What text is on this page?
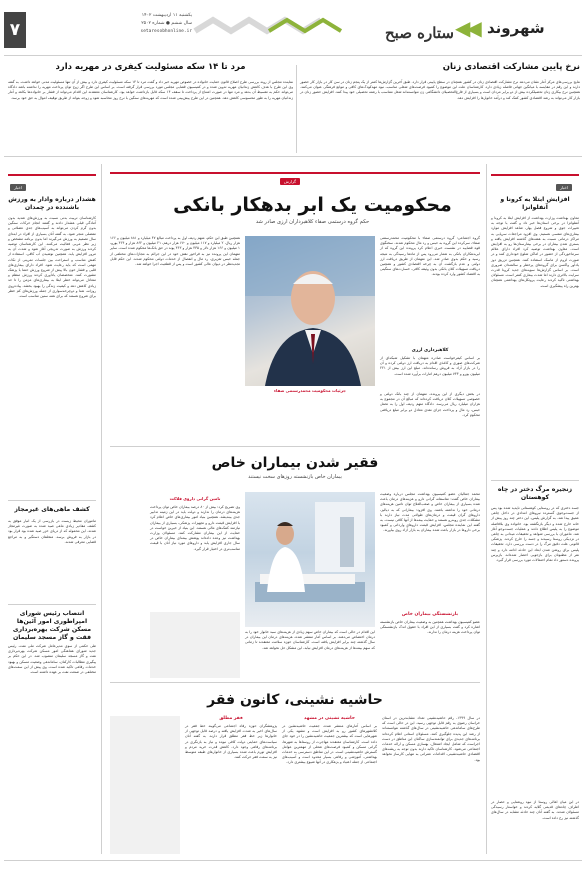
۷
یکشنبه ۱۱ اردیبهشت ۱۴۰۲
سال ششم ● شماره ۲۵۰۲
setaresobhonline.ir	ستاره صبح ◀◀ شهروند
نرخ پایین مشارکت اقتصادی زنان
نتایج بررسی‌های مرکز آمار نشان می‌دهد نرخ مشارکت اقتصادی زنان در کشور همچنان در سطح پایینی قرار دارد. طبق آخرین گزارش‌ها کمتر از یک پنجم زنان در سن کار در بازار کار حضور دارند و این رقم در مقایسه با میانگین جهانی فاصله زیادی دارد. کارشناسان علت این موضوع را کمبود فرصت‌های شغلی مناسب، نبود مهدکودک‌های کافی و موانع فرهنگی عنوان می‌کنند. همچنین نرخ بیکاری زنان تحصیلکرده بیش از دو برابر مردان است و بسیاری از فارغ‌التحصیلان دانشگاهی زن نتوانسته‌اند شغل متناسب با رشته تحصیلی خود پیدا کنند. افزایش حضور زنان در بازار کار می‌تواند به رشد اقتصادی کشور کمک کند و درآمد خانوارها را افزایش دهد.
مرد تا ۱۴ سکه مسئولیت کیفری در مهریه دارد
نماینده مجلس از روند بررسی طرح اصلاح قانون حمایت خانواده در خصوص مهریه خبر داد و گفت مرد تا ۱۴ سکه مسئولیت کیفری دارد و بیش از آن تنها مسئولیت مدنی خواهد داشت. به گفته وی این طرح با هدف کاهش زندانیان مهریه تدوین شده و در کمیسیون قضایی مجلس مورد بررسی قرار گرفته است. بر اساس این طرح اگر زوج توان پرداخت مهریه را نداشته باشد دادگاه می‌تواند حکم به تقسیط آن بدهد و مرد تنها در صورت امتناع از پرداخت تا سقف ۱۴ سکه قابل بازداشت خواهد بود. کارشناسان معتقدند این اقدام می‌تواند از فشار بر خانواده‌ها بکاهد و آمار زندانیان مهریه را به طور محسوسی کاهش دهد. همچنین در این طرح پیش‌بینی شده است که مهریه‌های سنگین با نرخ روز محاسبه شود و زوجه بتواند از طریق توقیف اموال به حق خود برسد.
اخبار
افزایش ابتلا به کرونا و آنفلوانزا
معاون بهداشت وزارت بهداشت از افزایش ابتلا به کرونا و آنفلوانزا در برخی استان‌ها خبر داد و گفت با توجه به تغییرات جوی و شروع فصل بهار، شاهد افزایش موارد بیماری‌های تنفسی هستیم. وی افزود مراجعات سرپایی به مراکز درمانی نسبت به هفته‌های گذشته افزایش یافته و بستری شدن بیماران در برخی بیمارستان‌ها رو به افزایش است. معاون بهداشت توصیه کرد افراد دارای علائم سرماخوردگی از حضور در اماکن شلوغ خودداری کنند و در صورت لزوم از ماسک استفاده کنند. همچنین تزریق دوز یادآور واکسن برای گروه‌های پرخطر و سالمندان ضروری است. بر اساس گزارش‌ها سویه‌های جدید کرونا قدرت سرایت بالاتری دارند اما شدت بیماری کمتر است. مسئولان بهداشتی تاکید کردند رعایت پروتکل‌های بهداشتی همچنان بهترین راه پیشگیری است.
زنجیره مرگ دختر در چاه کوهستان
جسد دختری که در روستایی کوهستانی ناپدید شده بود پس از جست‌وجوی گسترده نیروهای امدادی در داخل چاهی عمیق پیدا شد. به گزارش پلیس، این دختر چند روز پیش از خانه خارج شده و دیگر بازنگشته بود. خانواده وی بلافاصله موضوع را به پلیس اطلاع دادند و عملیات جست‌وجو آغاز شد. ماموران با بررسی شواهد و تحقیقات میدانی به چاهی در نزدیکی روستا رسیدند و جسد را خارج کردند. پزشکی قانونی علت دقیق مرگ را در دست بررسی دارد. تحقیقات پلیس برای روشن شدن ابعاد این حادثه ادامه دارد و چند نفر از مظنونان برای بازجویی احضار شده‌اند. بازپرس پرونده دستور داد تمام احتمالات مورد بررسی قرار گیرد.
در این میان اهالی روستا از نبود روشنایی و حصار در اطراف چاه‌های قدیمی گلایه کردند و خواستار رسیدگی مسئولان شدند. به گفته آنان چند حادثه مشابه در سال‌های گذشته نیز رخ داده است.
اخبار
هشدار درباره وادار به ورزش باشندده در چمدان
کارشناسان تربیت بدنی نسبت به ورزش‌های شدید بدون آمادگی قبلی هشدار دادند و گفتند انجام حرکات سنگین بدون گرم کردن می‌تواند به آسیب‌های جدی عضلانی و مفصلی منجر شود. به گفته آنان بسیاری از افراد در ابتدای سال تصمیم به ورزش می‌گیرند اما بدون برنامه مشخص و زیر نظر مربی فعالیت می‌کنند. این کارشناسان توصیه کردند ورزش به صورت تدریجی آغاز شود و شدت آن به مرور افزایش یابد. همچنین نوشیدن آب کافی، استفاده از کفش مناسب و استراحت بین جلسات تمرینی از نکات مهمی است که باید رعایت شود. افراد دارای بیماری‌های قلبی و فشار خون بالا پیش از شروع ورزش حتما با پزشک مشورت کنند. متخصصان یادآوری کردند ورزش منظم و متعادل می‌تواند خطر ابتلا به بیماری‌های مزمن را تا حد زیادی کاهش دهد و کیفیت زندگی را بهبود بخشد. پیاده‌روی روزانه، شنا و دوچرخه‌سواری از جمله ورزش‌های کم خطر برای شروع هستند که برای همه سنین مناسب است.
کشف ماهی‌های غیرمجاز
ماموران محیط زیست در بازرسی از یک انبار موفق به کشف مقادیر زیادی ماهی صید شده به صورت غیرمجاز شدند. این محموله که از دریای خزر صید شده بود قرار بود در بازار به فروش برسد. متخلفان دستگیر و به مراجع قضایی معرفی شدند.
انتصاب رئیس شورای امپراطوری امور آئین‌ها مسکن شرکت بهره‌برداری فقت و گاز مسجد سلیمان
طی حکمی از سوی مدیرعامل شرکت ملی نفت، رئیس جدید شورای هماهنگی امور مسکن شرکت بهره‌برداری نفت و گاز مسجد سلیمان منصوب شد. در این حکم بر پیگیری مطالبات کارکنان، ساماندهی وضعیت مسکن و بهبود خدمات رفاهی تاکید شده است. وی پیش از این سمت‌های مختلفی در صنعت نفت بر عهده داشته است.
گزارش
محکومیت یک ابر بدهکار بانکی
حکم گروه درستمی صفاء کلاهبرداران ارزی صادر شد
گروه اجتماعی: گروه درستمی صفاء با محکومیت محمدرستمی صفاء، سرکرده این گروه به حبس و رد مال محکوم شدند. سخنگوی قوه قضاییه در نشست خبری اعلام کرد پرونده این گروه که از ابربدهکاران بانکی به شمار می‌رود پس از ماه‌ها رسیدگی به نتیجه رسید و حکم بدوی صادر شد. این متهمان از طریق دریافت ارز دولتی و عدم بازگشت آن به چرخه اقتصادی کشور و همچنین دریافت تسهیلات کلان بانکی بدون وثیقه کافی، خسارت‌های سنگینی به اقتصاد کشور وارد کرده بودند.
کلاهبرداری ارزی
بر اساس کیفرخواست صادره متهمان با تشکیل شبکه‌ای از شرکت‌های صوری و کاغذی اقدام به دریافت ارز دولتی کرده و آن را در بازار آزاد به فروش رسانده‌اند. مبلغ این ارز بیش از ۲۲۱ میلیون یورو و ۷۴۳ میلیون درهم امارات برآورد شده است.
جزئیات محکومیت محمدرستمی صفاء
در بخش دیگری از این پرونده، متهمان از چند بانک دولتی و خصوصی تسهیلات کلان دریافت کرده‌اند که مبالغ آن در مجموع به هزاران میلیارد ریال می‌رسد. دادگاه متهم ردیف اول را به تحمل حبس، رد مال و پرداخت جزای نقدی معادل دو برابر مبلغ دریافتی محکوم کرد.
همچنین طبق این حکم، متهم ردیف اول به پرداخت مبالغ ۴۷ میلیارد و ۸۸۱ میلیون و ۱۶۶ هزار ریال، ۲ میلیارد و ۱۱۷ میلیون و ۶۷۰ هزار درهم، ۲۱ میلیون و ۸۶۲ هزار و ۳۶۴ یورو، ۱ میلیون و ۱۶۶ هزار دلار و ۴۳۵ هزار و ۳۶۳ پوند در حق بانک‌ها محکوم شده است. سایر متهمان این پرونده نیز به فراخور نقش خود در این جرائم به مجازات‌های مختلفی از جمله حبس تعزیری، رد مال و انفصال از خدمات دولتی محکوم شدند. این حکم قابل تجدیدنظر در دیوان عالی کشور است و پس از قطعیت اجرا خواهد شد.
فقیر شدن بیماران خاص
بیماران خاص بازنشسته روزهای سخت نیستند
محمد جمالیان عضو کمیسیون بهداشت مجلس درباره وضعیت بیماران خاص گفت: متاسفانه گرانی دارو و هزینه‌های درمان باعث شده بسیاری از بیماران خاص و صعب‌العلاج توان تامین هزینه‌های درمانی خود را نداشته باشند. وی افزود: بیمارانی که به دیالیز، داروهای گران قیمت و درمان‌های طولانی مدت نیاز دارند با مشکلات جدی روبه‌رو هستند و حمایت بیمه‌ها از آنها کافی نیست. به گفته این نماینده مجلس، افزایش قیمت داروهای وارداتی و کمبود برخی داروها در بازار باعث شده بیماران به بازار آزاد روی بیاورند.
بازنشستگی بیماران خاص
عضو کمیسیون بهداشت همچنین به وضعیت بیماران خاص بازنشسته اشاره کرد و گفت بسیاری از این افراد با حقوق اندک بازنشستگی توان پرداخت هزینه درمان را ندارند.
تامین گرانی داروی فلاکت
وی تصریح کرد: بیش از ۸۰ درصد بیماران خاص توان پرداخت هزینه‌های درمان را ندارند و دولت باید در این زمینه تدابیر جدی بیندیشد. همچنین بنیاد امور بیماری‌های خاص اعلام کرد با افزایش قیمت دارو و تجهیزات پزشکی، بسیاری از بیماران نیازمند کمک‌های مالی هستند. این بنیاد از خیرین خواست در حمایت از این بیماران مشارکت کنند. مسئولان وزارت بهداشت نیز وعده داده‌اند پوشش بیمه‌ای بیماران خاص در سال جاری افزایش یابد و داروهای مورد نیاز آنان با قیمت مناسب‌تری در اختیار قرار گیرد.
این اقدام در حالی است که بیماران خاص سهم زیادی از هزینه‌های سبد خانوار خود را به درمان اختصاص می‌دهند. بر اساس آمار منتشر شده، هزینه‌های درمان این بیماران در سال گذشته چند برابر افزایش یافته است. کارشناسان حوزه سلامت معتقدند تا زمانی که سهم بیمه‌ها از هزینه‌های درمان افزایش نیابد، این مشکل حل نخواهد شد.
حاشیه نشینی، کانون فقر
حاشیه نشینی در مشهد
بر اساس آمارهای منتشر شده، جمعیت حاشیه‌نشین در کلانشهرهای کشور رو به افزایش است و مشهد یکی از شهرهایی است که بیشترین جمعیت حاشیه‌نشین را در خود جای داده است. کارشناسان معتقدند مهاجرت از روستاها به شهرها، گرانی مسکن و کمبود فرصت‌های شغلی از مهمترین عوامل گسترش حاشیه‌نشینی است. در این مناطق دسترسی به خدمات بهداشتی، آموزشی و رفاهی بسیار محدود است و آسیب‌های اجتماعی از جمله اعتیاد و بزهکاری در آنها شیوع بیشتری دارد.
فقر مطلق
پژوهشگران حوزه رفاه اجتماعی می‌گویند خط فقر در سال‌های اخیر به شدت افزایش یافته و درصد قابل توجهی از خانوارها زیر خط فقر مطلق قرار دارند. به گفته آنان سیاست‌های حمایتی دولت کافی نبوده و نیاز به بازنگری در برنامه‌های رفاهی وجود دارد. کاهش قدرت خرید مردم و افزایش تورم باعث شده بسیاری از خانوارهای طبقه متوسط نیز به سمت فقر حرکت کنند.
در سال ۱۳۹۹، رقم حاشیه‌نشینی تعداد مشابه‌ترین در استان خراسان رضوی به رقم قابل توجهی رسید. این در حالی است که طرح‌های ساماندهی حاشیه‌نشینی در سال‌های گذشته نتوانسته‌اند از رشد این پدیده جلوگیری کنند. مسئولان استانی اعلام کرده‌اند برنامه‌های جدیدی برای توانمندسازی ساکنان این مناطق در دست اجراست که شامل ایجاد اشتغال، بهسازی مسکن و ارائه خدمات اجتماعی می‌شود. کارشناسان تاکید دارند بدون توجه به ریشه‌های اقتصادی حاشیه‌نشینی، اقدامات عمرانی به تنهایی کارساز نخواهد بود.
